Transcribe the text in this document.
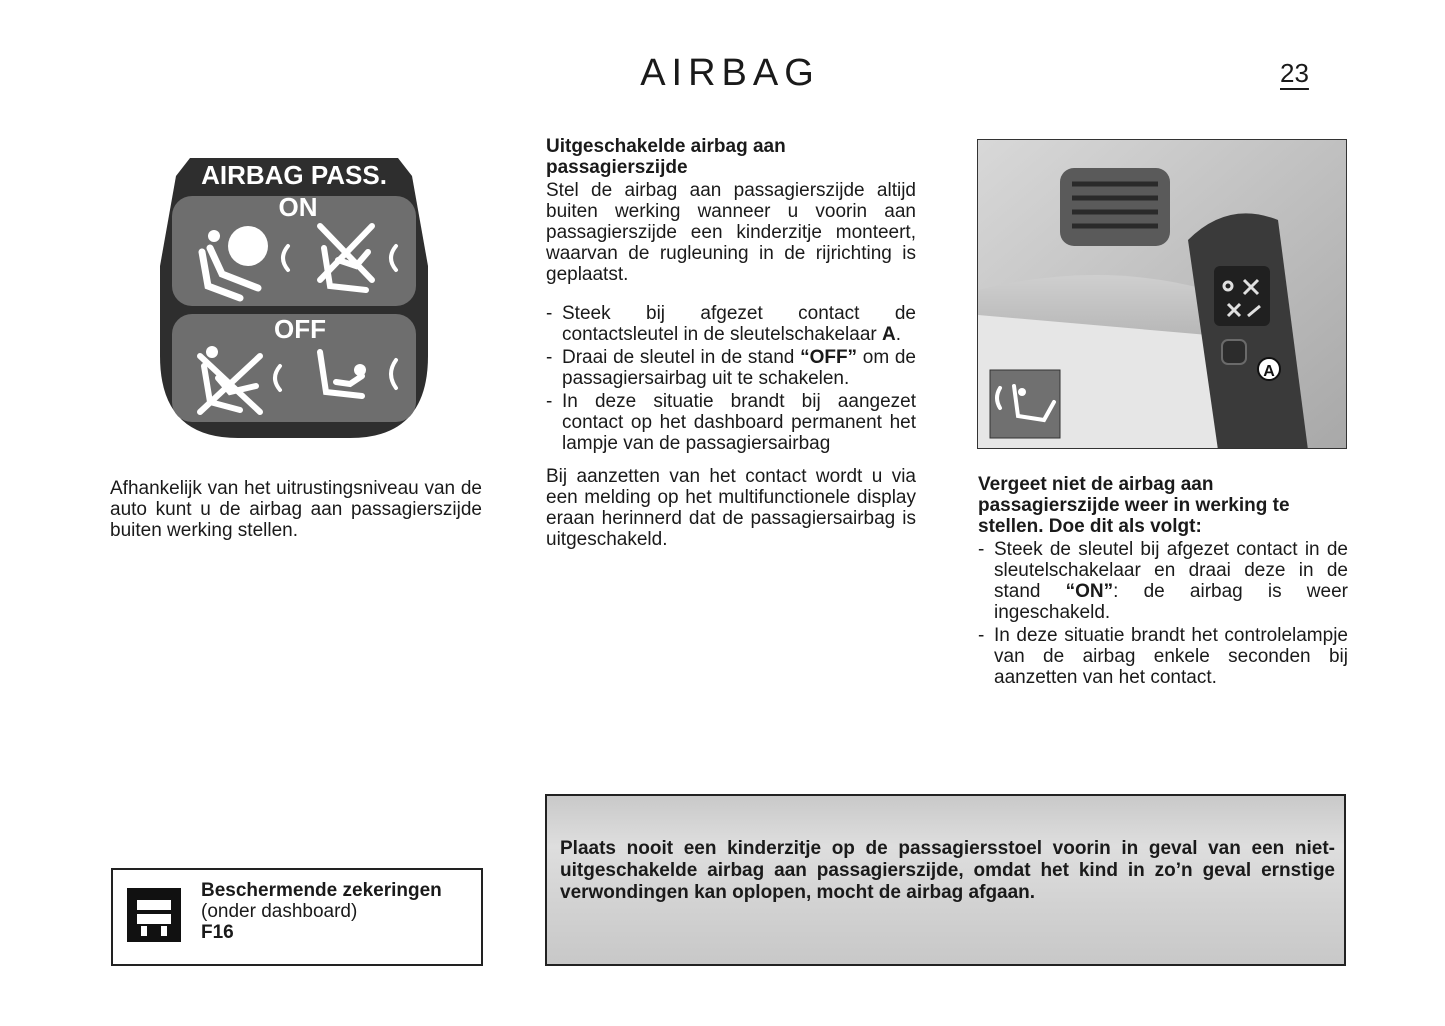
AIRBAG	23
AIRBAG PASS.
ON
OFF
Afhankelijk van het uitrustingsniveau van de auto kunt u de airbag aan passagierszijde buiten werking stellen.
Uitgeschakelde airbag aan passagierszijde

Stel de airbag aan passagierszijde altijd buiten werking wanneer u voorin aan passagierszijde een kinderzitje monteert, waarvan de rugleuning in de rijrichting is geplaatst.

- Steek bij afgezet contact de contactsleutel in de sleutelschakelaar A.
- Draai de sleutel in de stand “OFF” om de passagiersairbag uit te schakelen.
- In deze situatie brandt bij aangezet contact op het dashboard permanent het lampje van de passagiersairbag

Bij aanzetten van het contact wordt u via een melding op het multifunctionele display eraan herinnerd dat de passagiersairbag is uitgeschakeld.

A
Vergeet niet de airbag aan passagierszijde weer in werking te stellen. Doe dit als volgt:
- Steek de sleutel bij afgezet contact in de sleutelschakelaar en draai deze in de stand “ON”: de airbag is weer ingeschakeld.
- In deze situatie brandt het controlelampje van de airbag enkele seconden bij aanzetten van het contact.
Beschermende zekeringen
(onder dashboard)
F16
Plaats nooit een kinderzitje op de passagiersstoel voorin in geval van een niet-uitgeschakelde airbag aan passagierszijde, omdat het kind in zo’n geval ernstige verwondingen kan oplopen, mocht de airbag afgaan.
